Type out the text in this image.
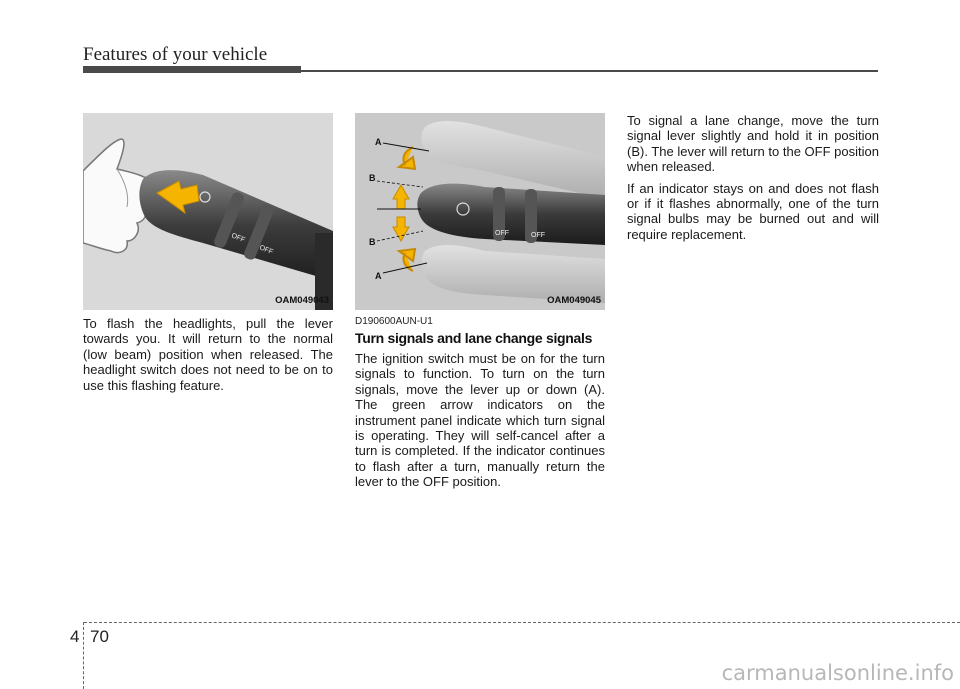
Features of your vehicle
OFF
OFF
OAM049043
OFF	OFF
A
B
B
A
OAM049045

To flash the headlights, pull the lever towards you. It will return to the normal (low beam) position when released. The headlight switch does not need to be on to use this flashing feature.

D190600AUN-U1
Turn signals and lane change signals

The ignition switch must be on for the turn signals to function. To turn on the turn signals, move the lever up or down (A). The green arrow indicators on the instrument panel indicate which turn signal is operating. They will self-cancel after a turn is completed. If the indicator continues to flash after a turn, manually return the lever to the OFF position.

To signal a lane change, move the turn signal lever slightly and hold it in position (B). The lever will return to the OFF position when released.

If an indicator stays on and does not flash or if it flashes abnormally, one of the turn signal bulbs may be burned out and will require replacement.

4 70
carmanualsonline.info
